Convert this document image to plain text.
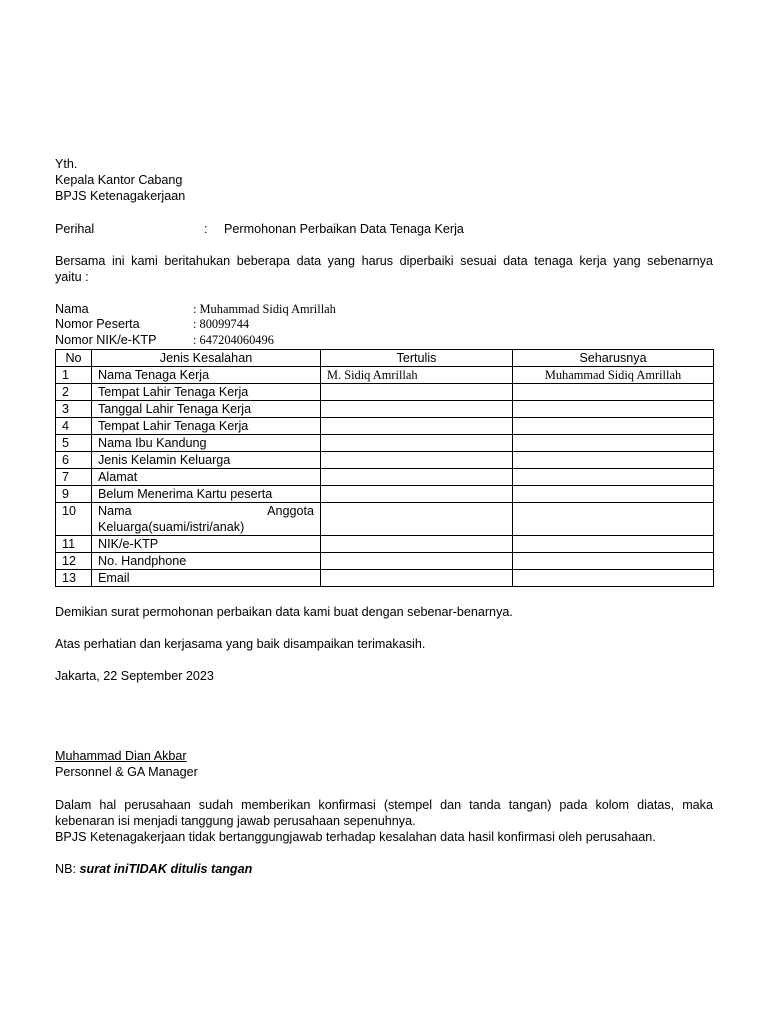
Yth.
Kepala Kantor Cabang
BPJS Ketenagakerjaan
Perihal	:	Permohonan Perbaikan Data Tenaga Kerja
Bersama ini kami beritahukan beberapa data yang harus diperbaiki sesuai data tenaga kerja yang sebenarnya
yaitu :
Nama	: Muhammad Sidiq Amrillah
Nomor Peserta	: 80099744
Nomor NIK/e-KTP	: 647204060496
No	Jenis Kesalahan	Tertulis	Seharusnya
1	Nama Tenaga Kerja	M. Sidiq Amrillah	Muhammad Sidiq Amrillah
2	Tempat Lahir Tenaga Kerja		
3	Tanggal Lahir Tenaga Kerja		
4	Tempat Lahir Tenaga Kerja		
5	Nama Ibu Kandung		
6	Jenis Kelamin Keluarga		
7	Alamat		
9	Belum Menerima Kartu peserta		
10	Nama Anggota
Keluarga(suami/istri/anak)		

11	NIK/e-KTP		
12	No. Handphone		
13	Email		
Demikian surat permohonan perbaikan data kami buat dengan sebenar-benarnya.
Atas perhatian dan kerjasama yang baik disampaikan terimakasih.
Jakarta, 22 September 2023
Muhammad Dian Akbar
Personnel & GA Manager
Dalam hal perusahaan sudah memberikan konfirmasi (stempel dan tanda tangan) pada kolom diatas, maka
kebenaran isi menjadi tanggung jawab perusahaan sepenuhnya.
BPJS Ketenagakerjaan tidak bertanggungjawab terhadap kesalahan data hasil konfirmasi oleh perusahaan.
NB: surat iniTIDAK ditulis tangan
